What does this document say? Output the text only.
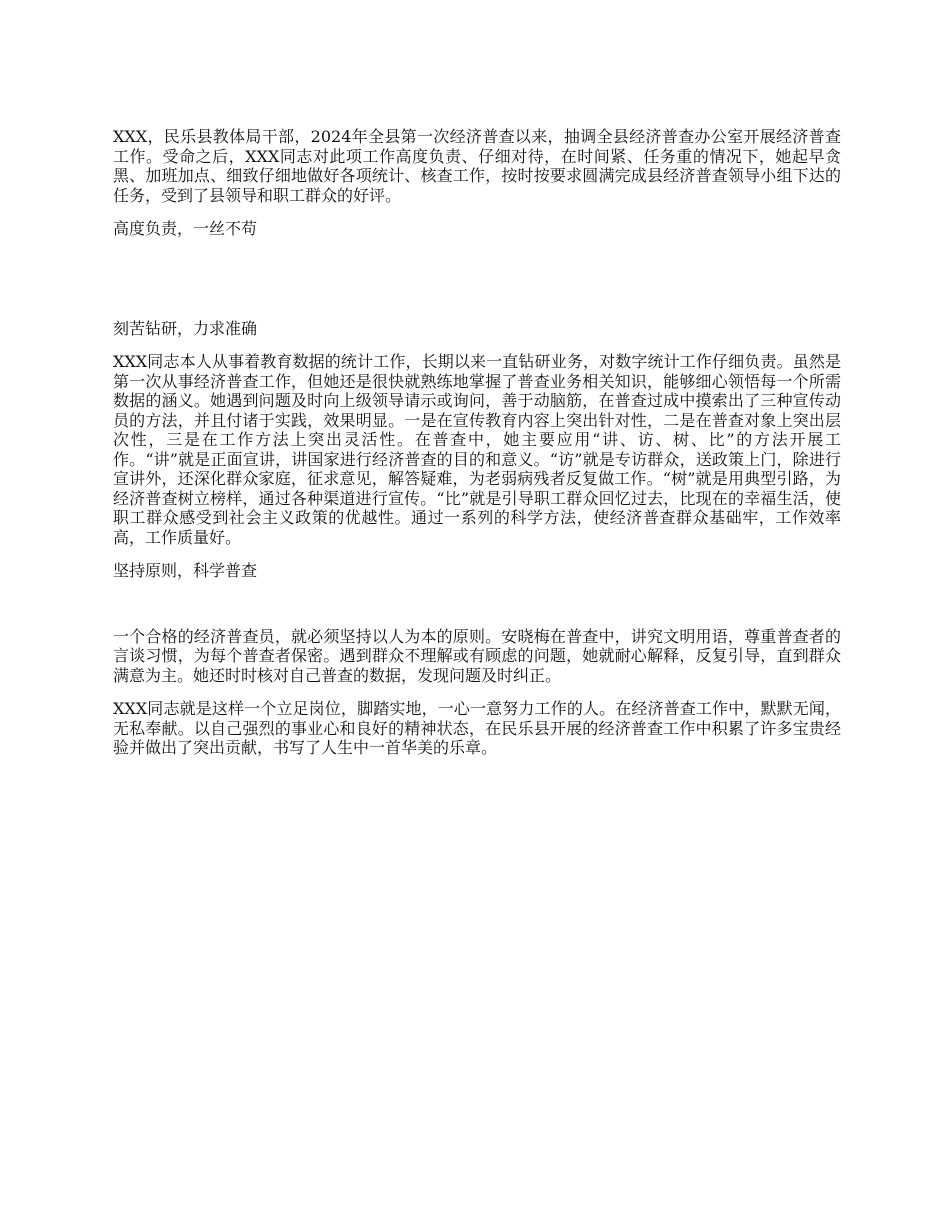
XXX，民乐县教体局干部，2024年全县第一次经济普查以来，抽调全县经济普查办公室开展经济普查工作。受命之后，XXX同志对此项工作高度负责、仔细对待，在时间紧、任务重的情况下，她起早贪黑、加班加点、细致仔细地做好各项统计、核查工作，按时按要求圆满完成县经济普查领导小组下达的任务，受到了县领导和职工群众的好评。

高度负责，一丝不苟

刻苦钻研，力求准确

XXX同志本人从事着教育数据的统计工作，长期以来一直钻研业务，对数字统计工作仔细负责。虽然是第一次从事经济普查工作，但她还是很快就熟练地掌握了普查业务相关知识，能够细心领悟每一个所需数据的涵义。她遇到问题及时向上级领导请示或询问，善于动脑筋，在普查过成中摸索出了三种宣传动员的方法，并且付诸于实践，效果明显。一是在宣传教育内容上突出针对性，二是在普查对象上突出层次性，三是在工作方法上突出灵活性。在普查中，她主要应用“讲、访、树、比”的方法开展工作。“讲”就是正面宣讲，讲国家进行经济普查的目的和意义。“访”就是专访群众，送政策上门，除进行宣讲外，还深化群众家庭，征求意见，解答疑难，为老弱病残者反复做工作。“树”就是用典型引路，为经济普查树立榜样，通过各种渠道进行宣传。“比”就是引导职工群众回忆过去，比现在的幸福生活，使职工群众感受到社会主义政策的优越性。通过一系列的科学方法，使经济普查群众基础牢，工作效率高，工作质量好。

坚持原则，科学普查

一个合格的经济普查员，就必须坚持以人为本的原则。安晓梅在普查中，讲究文明用语，尊重普查者的言谈习惯，为每个普查者保密。遇到群众不理解或有顾虑的问题，她就耐心解释，反复引导，直到群众满意为主。她还时时核对自己普查的数据，发现问题及时纠正。

XXX同志就是这样一个立足岗位，脚踏实地，一心一意努力工作的人。在经济普查工作中，默默无闻，无私奉献。以自己强烈的事业心和良好的精神状态，在民乐县开展的经济普查工作中积累了许多宝贵经验并做出了突出贡献，书写了人生中一首华美的乐章。
